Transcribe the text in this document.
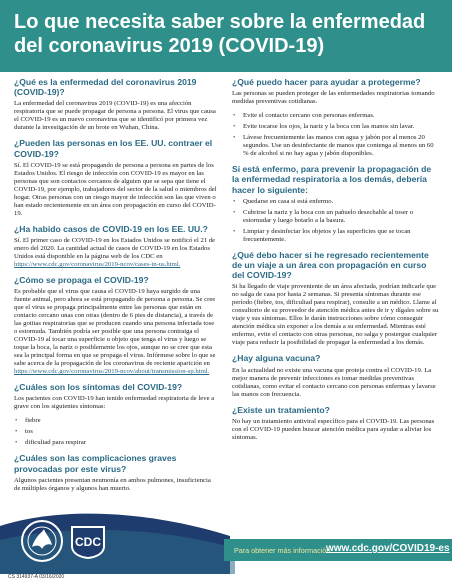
Lo que necesita saber sobre la enfermedad del coronavirus 2019 (COVID-19)
¿Qué es la enfermedad del coronavirus 2019 (COVID-19)?

La enfermedad del coronavirus 2019 (COVID-19) es una afección respiratoria que se puede propagar de persona a persona. El virus que causa el COVID-19 es un nuevo coronavirus que se identificó por primera vez durante la investigación de un brote en Wuhan, China.

¿Pueden las personas en los EE. UU. contraer el COVID-19?

Sí. El COVID-19 se está propagando de persona a persona en partes de los Estados Unidos. El riesgo de infección con COVID-19 es mayor en las personas que son contactos cercanos de alguien que se sepa que tiene el COVID-19, por ejemplo, trabajadores del sector de la salud o miembros del hogar. Otras personas con un riesgo mayor de infección son las que viven o han estado recientemente en un área con propagación en curso del COVID-19.

¿Ha habido casos de COVID-19 en los EE. UU.?

Sí. El primer caso de COVID-19 en los Estados Unidos se notificó el 21 de enero del 2020. La cantidad actual de casos de COVID-19 en los Estados Unidos está disponible en la página web de los CDC en https://www.cdc.gov/coronavirus/2019-ncov/cases-in-us.html.

¿Cómo se propaga el COVID-19?

Es probable que el virus que causa el COVID-19 haya surgido de una fuente animal, pero ahora se está propagando de persona a persona. Se cree que el virus se propaga principalmente entre las personas que están en contacto cercano unas con otras (dentro de 6 pies de distancia), a través de las gotitas respiratorias que se producen cuando una persona infectada tose o estornuda. También podría ser posible que una persona contraiga el COVID-19 al tocar una superficie u objeto que tenga el virus y luego se toque la boca, la nariz o posiblemente los ojos, aunque no se cree que esta sea la principal forma en que se propaga el virus. Infórmese sobre lo que se sabe acerca de la propagación de los coronavirus de reciente aparición en https://www.cdc.gov/coronavirus/2019-ncov/about/transmission-sp.html.

¿Cuáles son los síntomas del COVID-19?

Los pacientes con COVID-19 han tenido enfermedad respiratoria de leve a grave con los siguientes síntomas:

• fiebre
• tos
• dificultad para respirar
¿Cuáles son las complicaciones graves provocadas por este virus?

Algunos pacientes presentan neumonía en ambos pulmones, insuficiencia de múltiples órganos y algunos han muerto.

¿Qué puedo hacer para ayudar a protegerme?

Las personas se pueden proteger de las enfermedades respiratorias tomando medidas preventivas cotidianas.

• Evite el contacto cercano con personas enfermas.
• Evite tocarse los ojos, la nariz y la boca con las manos sin lavar.
• Lávese frecuentemente las manos con agua y jabón por al menos 20 segundos. Use un desinfectante de manos que contenga al menos un 60 % de alcohol si no hay agua y jabón disponibles.
Si está enfermo, para prevenir la propagación de la enfermedad respiratoria a los demás, debería hacer lo siguiente:
• Quedarse en casa si está enfermo.
• Cubrirse la nariz y la boca con un pañuelo desechable al toser o estornudar y luego botarlo a la basura.
• Limpiar y desinfectar los objetos y las superficies que se tocan frecuentemente.
¿Qué debo hacer si he regresado recientemente de un viaje a un área con propagación en curso del COVID-19?

Si ha llegado de viaje proveniente de un área afectada, podrían indicarle que no salga de casa por hasta 2 semanas. Si presenta síntomas durante ese período (fiebre, tos, dificultad para respirar), consulte a un médico. Llame al consultorio de su proveedor de atención médica antes de ir y dígales sobre su viaje y sus síntomas. Ellos le darán instrucciones sobre cómo conseguir atención médica sin exponer a los demás a su enfermedad. Mientras esté enfermo, evite el contacto con otras personas, no salga y postergue cualquier viaje para reducir la posibilidad de propagar la enfermedad a los demás.

¿Hay alguna vacuna?

En la actualidad no existe una vacuna que proteja contra el COVID-19. La mejor manera de prevenir infecciones es tomar medidas preventivas cotidianas, como evitar el contacto cercano con personas enfermas y lavarse las manos con frecuencia.

¿Existe un tratamiento?

No hay un tratamiento antiviral específico para el COVID-19. Las personas con el COVID-19 pueden buscar atención médica para ayudar a aliviar los síntomas.

CDC
Para obtener más información:
www.cdc.gov/COVID19-es
CS 314937-A 03/16/2020
